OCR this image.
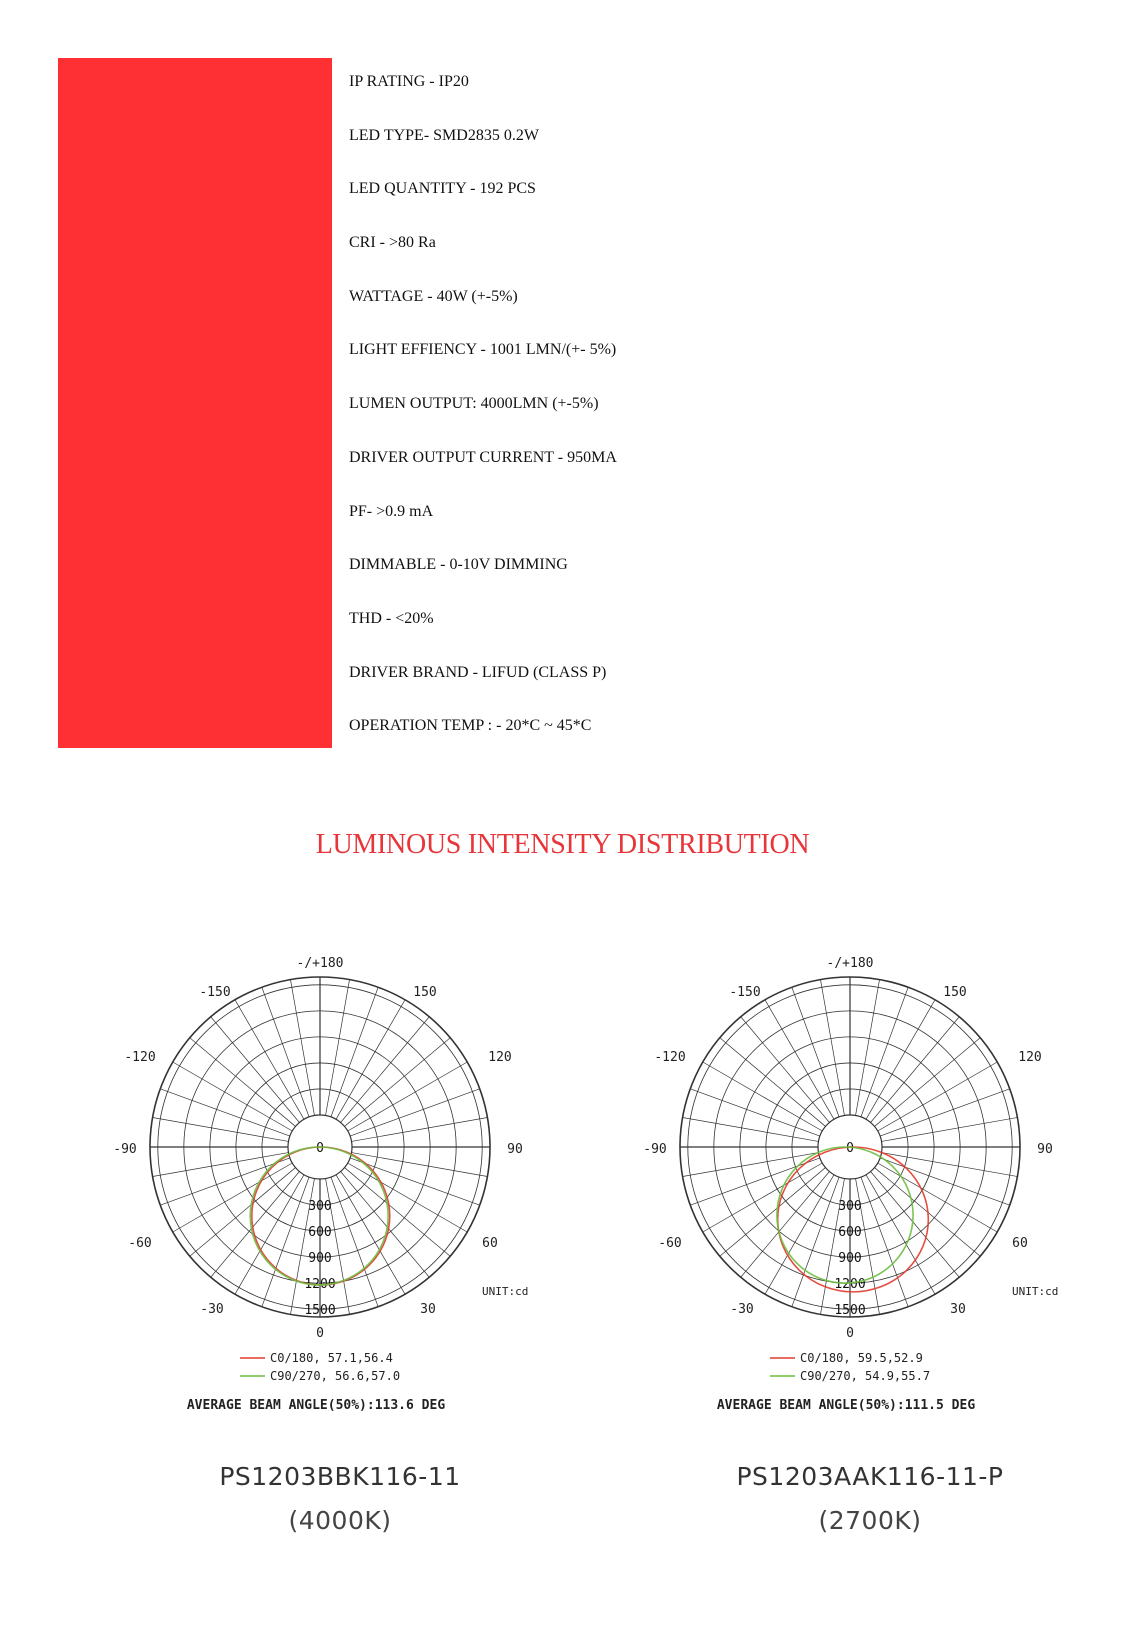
IP RATING - IP20
LED TYPE- SMD2835 0.2W
LED QUANTITY - 192 PCS
CRI - >80 Ra
WATTAGE - 40W (+-5%)
LIGHT EFFIENCY - 1001 LMN/(+- 5%)
LUMEN OUTPUT: 4000LMN (+-5%)
DRIVER OUTPUT CURRENT - 950MA
PF- >0.9 mA
DIMMABLE - 0-10V DIMMING
THD - <20%
DRIVER BRAND - LIFUD (CLASS P)
OPERATION TEMP : - 20*C ~ 45*C
LUMINOUS INTENSITY DISTRIBUTION
-/+180
-150	150
-120	120
-90	90
-60	60
-30	30
0
0
300
600
900
1200
1500
UNIT:cd
C0/180, 57.1,56.4
C90/270, 56.6,57.0
AVERAGE BEAM ANGLE(50%):113.6 DEG
PS1203BBK116-11
(4000K)
-/+180
-150	150
-120	120
-90	90
-60	60
-30	30
0
0
300
600
900
1200
1500
UNIT:cd
C0/180, 59.5,52.9
C90/270, 54.9,55.7
AVERAGE BEAM ANGLE(50%):111.5 DEG
PS1203AAK116-11-P
(2700K)
